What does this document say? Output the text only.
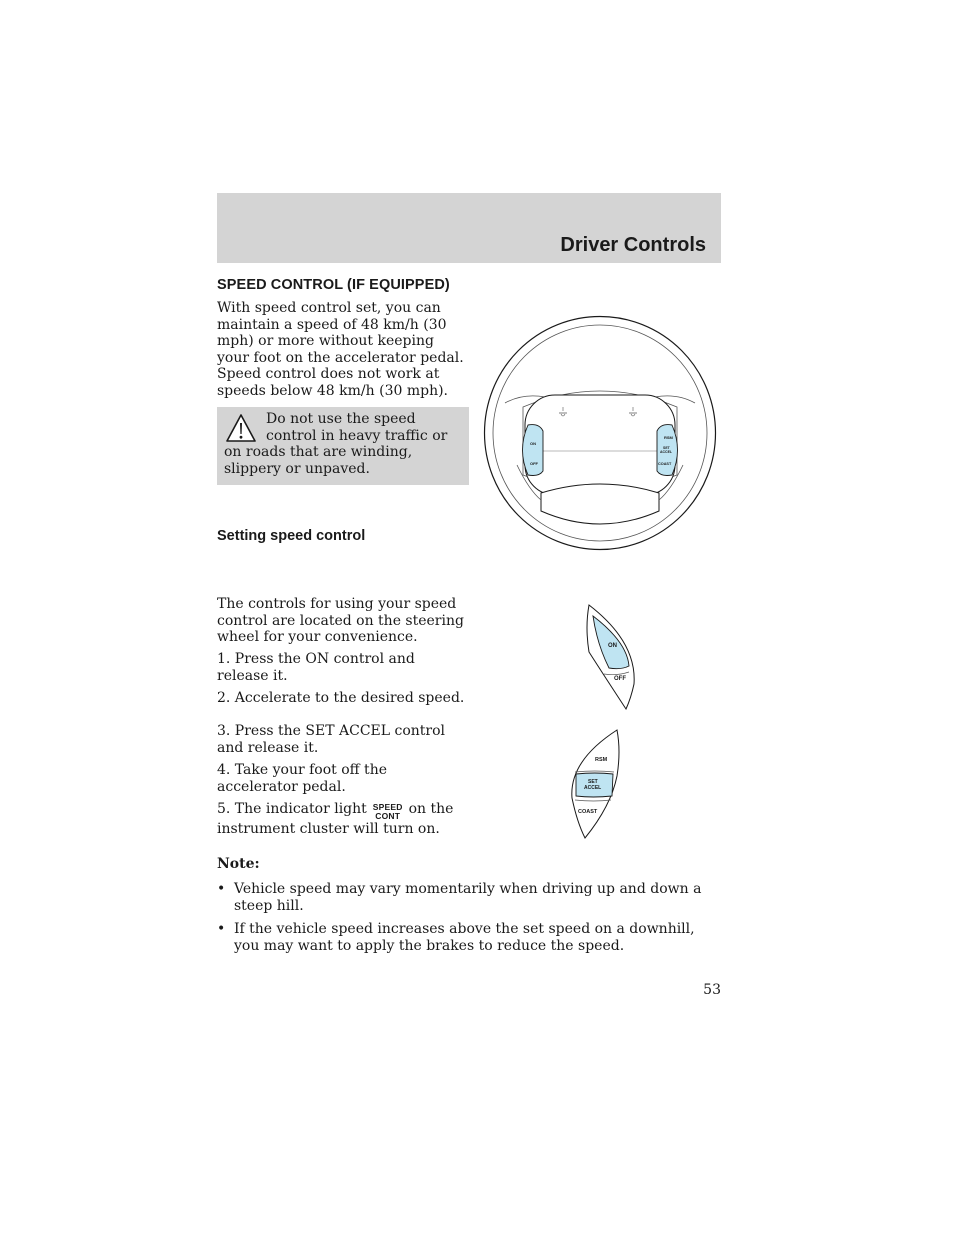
Driver Controls
SPEED CONTROL (IF EQUIPPED)

With speed control set, you can maintain a speed of 48 km/h (30 mph) or more without keeping your foot on the accelerator pedal. Speed control does not work at speeds below 48 km/h (30 mph).

Do not use the speed

control in heavy traffic or

on roads that are winding, slippery or unpaved.

ON
OFF
RSM
SET
ACCEL
COAST
Setting speed control

The controls for using your speed control are located on the steering wheel for your convenience.

1. Press the ON control and release it.

2. Accelerate to the desired speed.

3. Press the SET ACCEL control and release it.

4. Take your foot off the accelerator pedal.

5. The indicator light SPEED
CONT on the instrument cluster will turn on.

ON
OFF
RSM
SET
ACCEL
COAST

Note:

• Vehicle speed may vary momentarily when driving up and down a steep hill.
• If the vehicle speed increases above the set speed on a downhill, you may want to apply the brakes to reduce the speed.

53
